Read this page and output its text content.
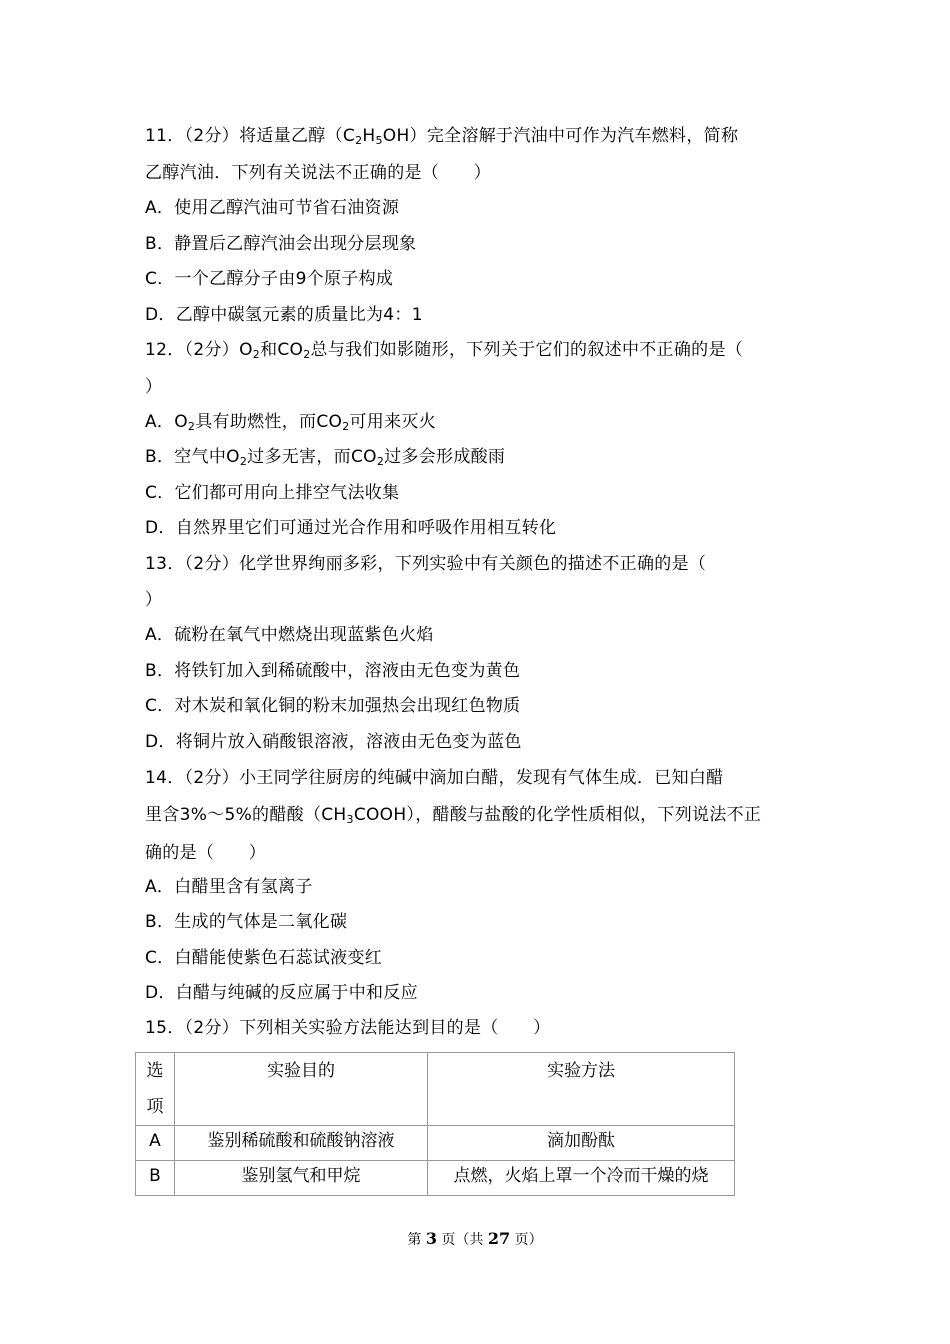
11．（2分）将适量乙醇$(C_2H_5OH)$完全溶解于汽油中可作为汽车燃料，简称
乙醇汽油．下列有关说法不正确的是（　　）
A．使用乙醇汽油可节省石油资源
B．静置后乙醇汽油会出现分层现象
C．一个乙醇分子由9个原子构成
D．乙醇中碳氢元素的质量比为4：1
12．（2分）$O_2$和$CO_2$总与我们如影随形，下列关于它们的叙述中不正确的是（
）
A．$O_2$具有助燃性，而$CO_2$可用来灭火
B．空气中$O_2$过多无害，而$CO_2$过多会形成酸雨
C．它们都可用向上排空气法收集
D．自然界里它们可通过光合作用和呼吸作用相互转化
13．（2分）化学世界绚丽多彩，下列实验中有关颜色的描述不正确的是（
）
A．硫粉在氧气中燃烧出现蓝紫色火焰
B．将铁钉加入到稀硫酸中，溶液由无色变为黄色
C．对木炭和氧化铜的粉末加强热会出现红色物质
D．将铜片放入硝酸银溶液，溶液由无色变为蓝色
14．（2分）小王同学往厨房的纯碱中滴加白醋，发现有气体生成．已知白醋
里含3%～5%的醋酸$(CH_3COOH)$，醋酸与盐酸的化学性质相似，下列说法不正
确的是（　　）
A．白醋里含有氢离子
B．生成的气体是二氧化碳
C．白醋能使紫色石蕊试液变红
D．白醋与纯碱的反应属于中和反应
15．（2分）下列相关实验方法能达到目的是（　　）
选
项	实验目的	实验方法
A	鉴别稀硫酸和硫酸钠溶液	滴加酚酞
B	鉴别氢气和甲烷	点燃，火焰上罩一个冷而干燥的烧
第 3 页（共 27 页）
